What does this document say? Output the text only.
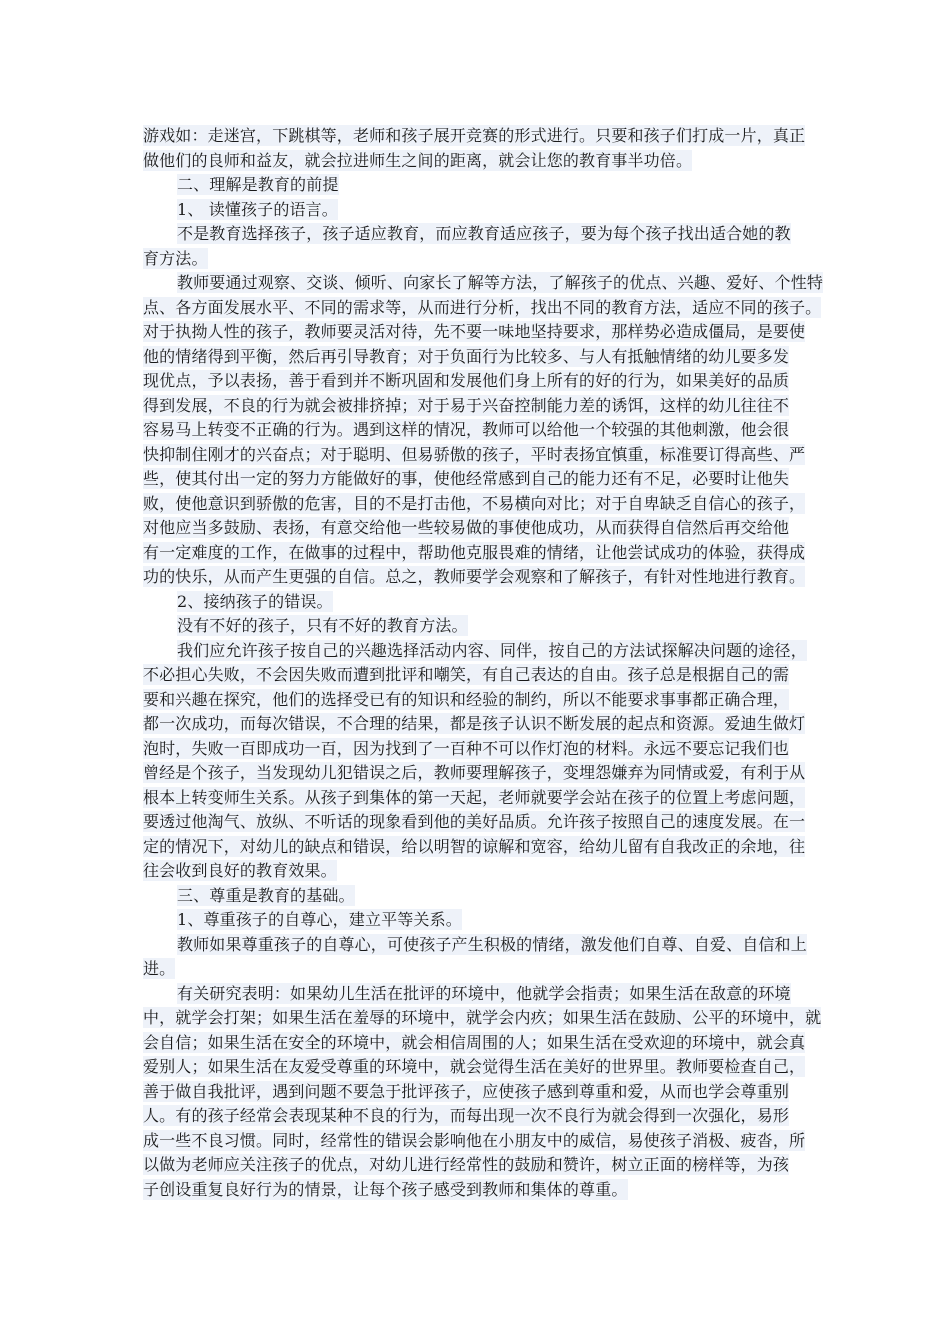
游戏如：走迷宫，下跳棋等，老师和孩子展开竞赛的形式进行。只要和孩子们打成一片，真正
做他们的良师和益友，就会拉进师生之间的距离，就会让您的教育事半功倍。
二、理解是教育的前提
1、 读懂孩子的语言。
不是教育选择孩子，孩子适应教育，而应教育适应孩子，要为每个孩子找出适合她的教
育方法。
教师要通过观察、交谈、倾听、向家长了解等方法，了解孩子的优点、兴趣、爱好、个性特
点、各方面发展水平、不同的需求等，从而进行分析，找出不同的教育方法，适应不同的孩子。
对于执拗人性的孩子，教师要灵活对待，先不要一味地坚持要求，那样势必造成僵局，是要使
他的情绪得到平衡，然后再引导教育；对于负面行为比较多、与人有抵触情绪的幼儿要多发
现优点，予以表扬，善于看到并不断巩固和发展他们身上所有的好的行为，如果美好的品质
得到发展，不良的行为就会被排挤掉；对于易于兴奋控制能力差的诱饵，这样的幼儿往往不
容易马上转变不正确的行为。遇到这样的情况，教师可以给他一个较强的其他刺激，他会很
快抑制住刚才的兴奋点；对于聪明、但易骄傲的孩子，平时表扬宜慎重，标准要订得高些、严
些，使其付出一定的努力方能做好的事，使他经常感到自己的能力还有不足，必要时让他失
败，使他意识到骄傲的危害，目的不是打击他，不易横向对比；对于自卑缺乏自信心的孩子，
对他应当多鼓励、表扬，有意交给他一些较易做的事使他成功，从而获得自信然后再交给他
有一定难度的工作，在做事的过程中，帮助他克服畏难的情绪，让他尝试成功的体验，获得成
功的快乐，从而产生更强的自信。总之，教师要学会观察和了解孩子，有针对性地进行教育。
2、接纳孩子的错误。
没有不好的孩子，只有不好的教育方法。
我们应允许孩子按自己的兴趣选择活动内容、同伴，按自己的方法试探解决问题的途径，
不必担心失败，不会因失败而遭到批评和嘲笑，有自己表达的自由。孩子总是根据自己的需
要和兴趣在探究，他们的选择受已有的知识和经验的制约，所以不能要求事事都正确合理，
都一次成功，而每次错误，不合理的结果，都是孩子认识不断发展的起点和资源。爱迪生做灯
泡时，失败一百即成功一百，因为找到了一百种不可以作灯泡的材料。永远不要忘记我们也
曾经是个孩子，当发现幼儿犯错误之后，教师要理解孩子，变埋怨嫌弃为同情或爱，有利于从
根本上转变师生关系。从孩子到集体的第一天起，老师就要学会站在孩子的位置上考虑问题，
要透过他淘气、放纵、不听话的现象看到他的美好品质。允许孩子按照自己的速度发展。在一
定的情况下，对幼儿的缺点和错误，给以明智的谅解和宽容，给幼儿留有自我改正的余地，往
往会收到良好的教育效果。
三、尊重是教育的基础。
1、尊重孩子的自尊心，建立平等关系。
教师如果尊重孩子的自尊心，可使孩子产生积极的情绪，激发他们自尊、自爱、自信和上
进。
有关研究表明：如果幼儿生活在批评的环境中，他就学会指责；如果生活在敌意的环境
中，就学会打架；如果生活在羞辱的环境中，就学会内疚；如果生活在鼓励、公平的环境中，就
会自信；如果生活在安全的环境中，就会相信周围的人；如果生活在受欢迎的环境中，就会真
爱别人；如果生活在友爱受尊重的环境中，就会觉得生活在美好的世界里。教师要检查自己，
善于做自我批评，遇到问题不要急于批评孩子，应使孩子感到尊重和爱，从而也学会尊重别
人。有的孩子经常会表现某种不良的行为，而每出现一次不良行为就会得到一次强化，易形
成一些不良习惯。同时，经常性的错误会影响他在小朋友中的威信，易使孩子消极、疲沓，所
以做为老师应关注孩子的优点，对幼儿进行经常性的鼓励和赞许，树立正面的榜样等，为孩
子创设重复良好行为的情景，让每个孩子感受到教师和集体的尊重。
